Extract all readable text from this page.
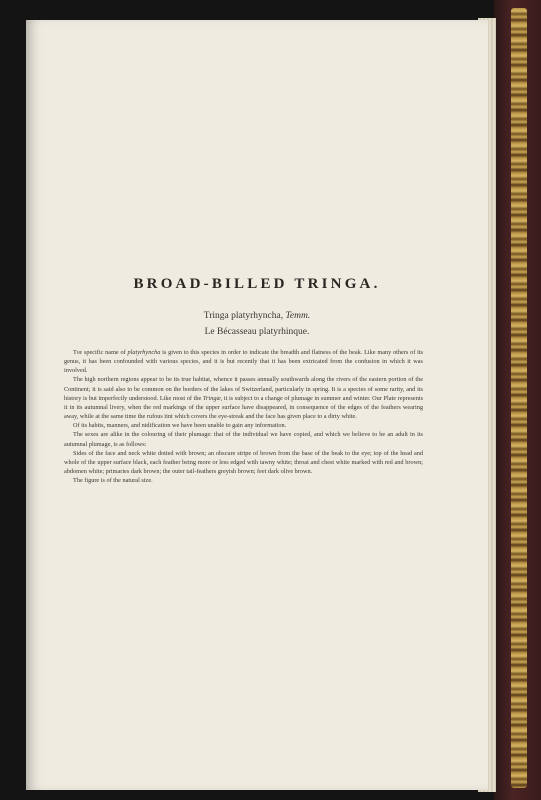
BROAD-BILLED TRINGA.
Tringa platyrhyncha, Temm.
Le Bécasseau platyrhinque.

The specific name of platyrhyncha is given to this species in order to indicate the breadth and flatness of the beak. Like many others of its genus, it has been confounded with various species, and it is but recently that it has been extricated from the confusion in which it was involved.

The high northern regions appear to be its true habitat, whence it passes annually southwards along the rivers of the eastern portion of the Continent; it is said also to be common on the borders of the lakes of Switzerland, particularly in spring. It is a species of some rarity, and its history is but imperfectly understood. Like most of the Tringæ, it is subject to a change of plumage in summer and winter. Our Plate represents it in its autumnal livery, when the red markings of the upper surface have disappeared, in consequence of the edges of the feathers wearing away, while at the same time the rufous tint which covers the eye-streak and the face has given place to a dirty white.

Of its habits, manners, and nidification we have been unable to gain any information.

The sexes are alike in the colouring of their plumage: that of the individual we have copied, and which we believe to be an adult in its autumnal plumage, is as follows:

Sides of the face and neck white dotted with brown; an obscure stripe of brown from the base of the beak to the eye; top of the head and whole of the upper surface black, each feather being more or less edged with tawny white; throat and chest white marked with red and brown; abdomen white; primaries dark brown; the outer tail-feathers greyish brown; feet dark olive brown.

The figure is of the natural size.
